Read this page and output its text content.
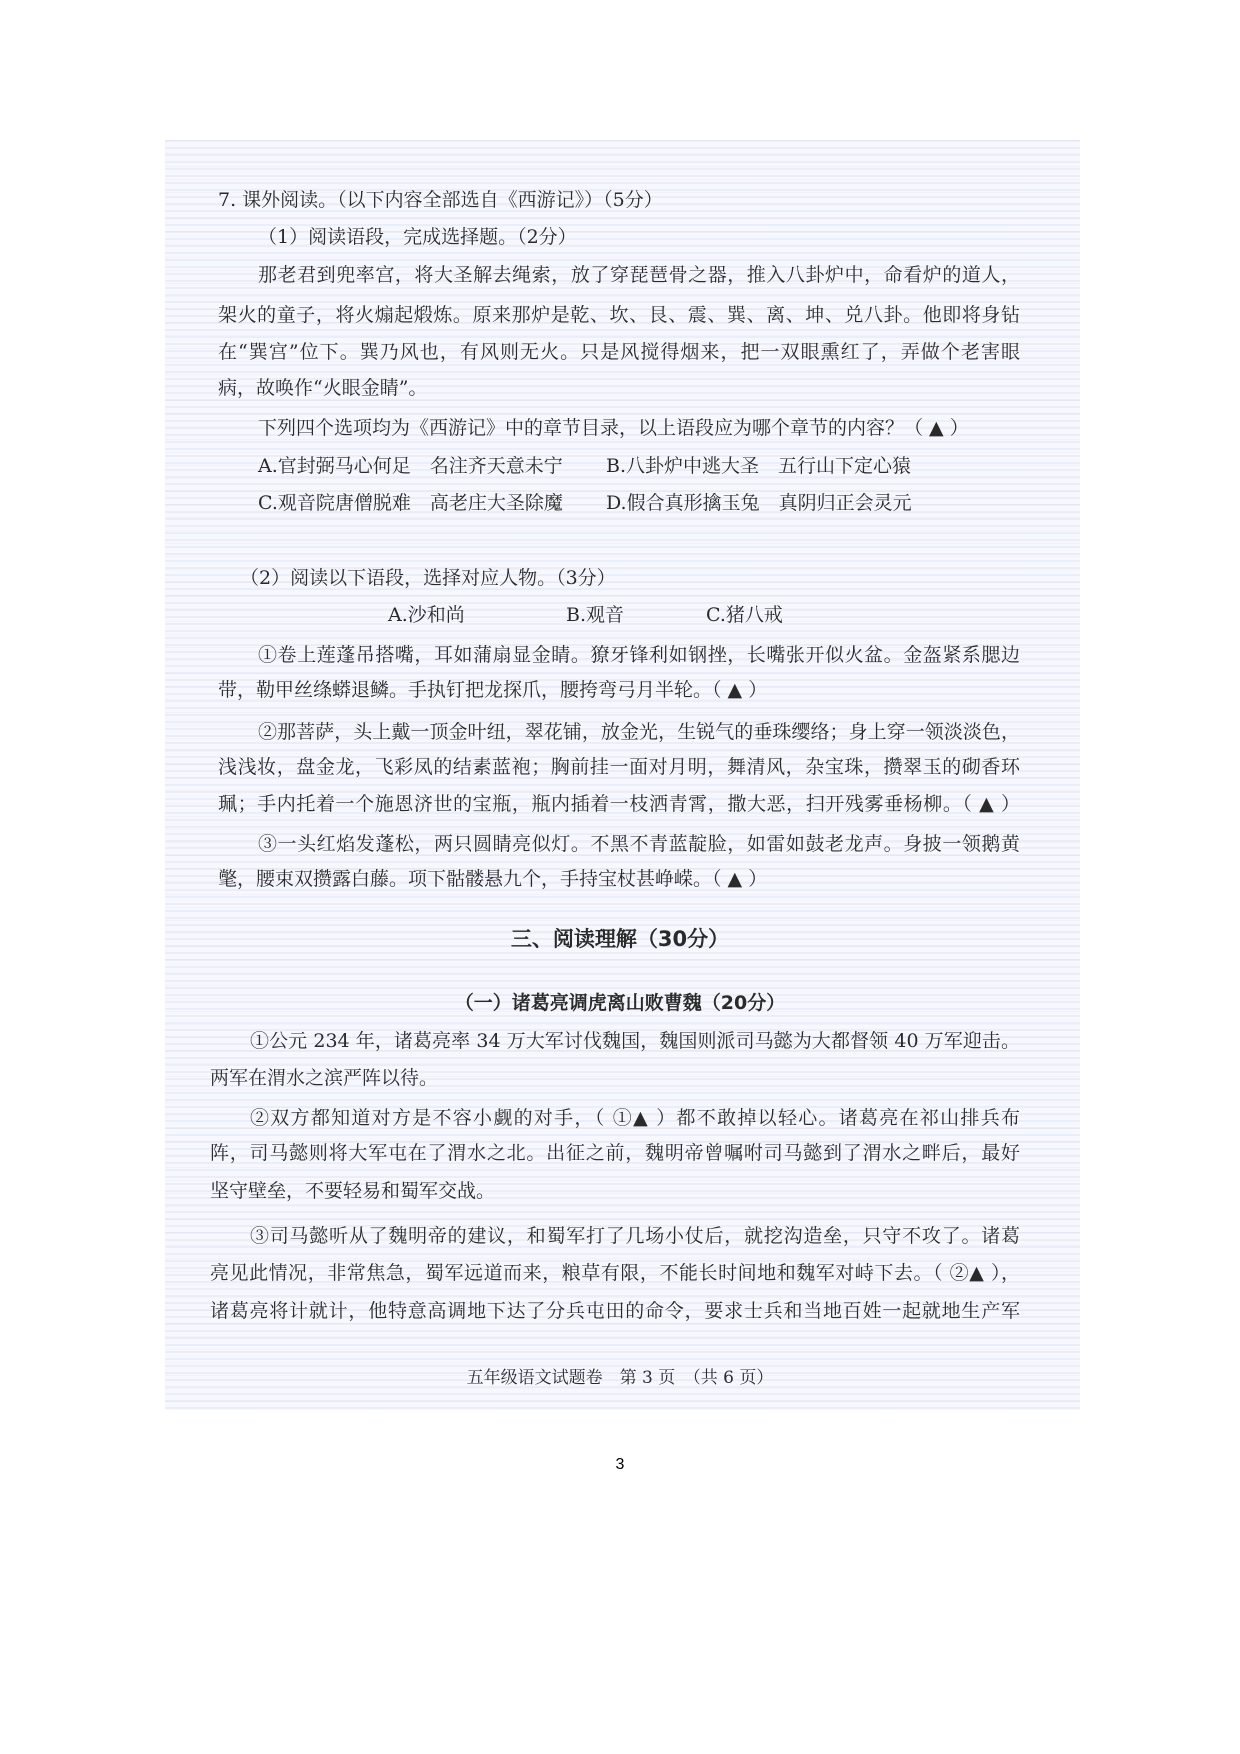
7. 课外阅读。（以下内容全部选自《西游记》）（5分）
（1）阅读语段，完成选择题。（2分）
那老君到兜率宫，将大圣解去绳索，放了穿琵琶骨之器，推入八卦炉中，命看炉的道人，
架火的童子，将火煽起煅炼。原来那炉是乾、坎、艮、震、巽、离、坤、兑八卦。他即将身钻
在“巽宫”位下。巽乃风也，有风则无火。只是风搅得烟来，把一双眼熏红了，弄做个老害眼
病，故唤作“火眼金睛”。
下列四个选项均为《西游记》中的章节目录，以上语段应为哪个章节的内容？（ ▲ ）
A.官封弼马心何足　名注齐天意未宁 B.八卦炉中逃大圣　五行山下定心猿
C.观音院唐僧脱难　高老庄大圣除魔 D.假合真形擒玉兔　真阴归正会灵元
（2）阅读以下语段，选择对应人物。（3分）
A.沙和尚	B.观音	C.猪八戒
①卷上莲蓬吊搭嘴，耳如蒲扇显金睛。獠牙锋利如钢挫，长嘴张开似火盆。金盔紧系腮边
带，勒甲丝绦蟒退鳞。手执钉把龙探爪，腰挎弯弓月半轮。（ ▲ ）
②那菩萨，头上戴一顶金叶纽，翠花铺，放金光，生锐气的垂珠缨络；身上穿一领淡淡色，
浅浅妆，盘金龙，飞彩凤的结素蓝袍；胸前挂一面对月明，舞清风，杂宝珠，攒翠玉的砌香环
珮；手内托着一个施恩济世的宝瓶，瓶内插着一枝洒青霄，撒大恶，扫开残雾垂杨柳。（ ▲ ）
③一头红焰发蓬松，两只圆睛亮似灯。不黑不青蓝靛脸，如雷如鼓老龙声。身披一领鹅黄
氅，腰束双攒露白藤。项下骷髅悬九个，手持宝杖甚峥嵘。（ ▲ ）
三、阅读理解（30分）
（一）诸葛亮调虎离山败曹魏（20分）
①公元 234 年，诸葛亮率 34 万大军讨伐魏国，魏国则派司马懿为大都督领 40 万军迎击。
两军在渭水之滨严阵以待。
②双方都知道对方是不容小觑的对手，（ ①▲ ）都不敢掉以轻心。诸葛亮在祁山排兵布
阵，司马懿则将大军屯在了渭水之北。出征之前，魏明帝曾嘱咐司马懿到了渭水之畔后，最好
坚守壁垒，不要轻易和蜀军交战。
③司马懿听从了魏明帝的建议，和蜀军打了几场小仗后，就挖沟造垒，只守不攻了。诸葛
亮见此情况，非常焦急，蜀军远道而来，粮草有限，不能长时间地和魏军对峙下去。（ ②▲ ），
诸葛亮将计就计，他特意高调地下达了分兵屯田的命令，要求士兵和当地百姓一起就地生产军
五年级语文试题卷　第 3 页　（共 6 页）
3
